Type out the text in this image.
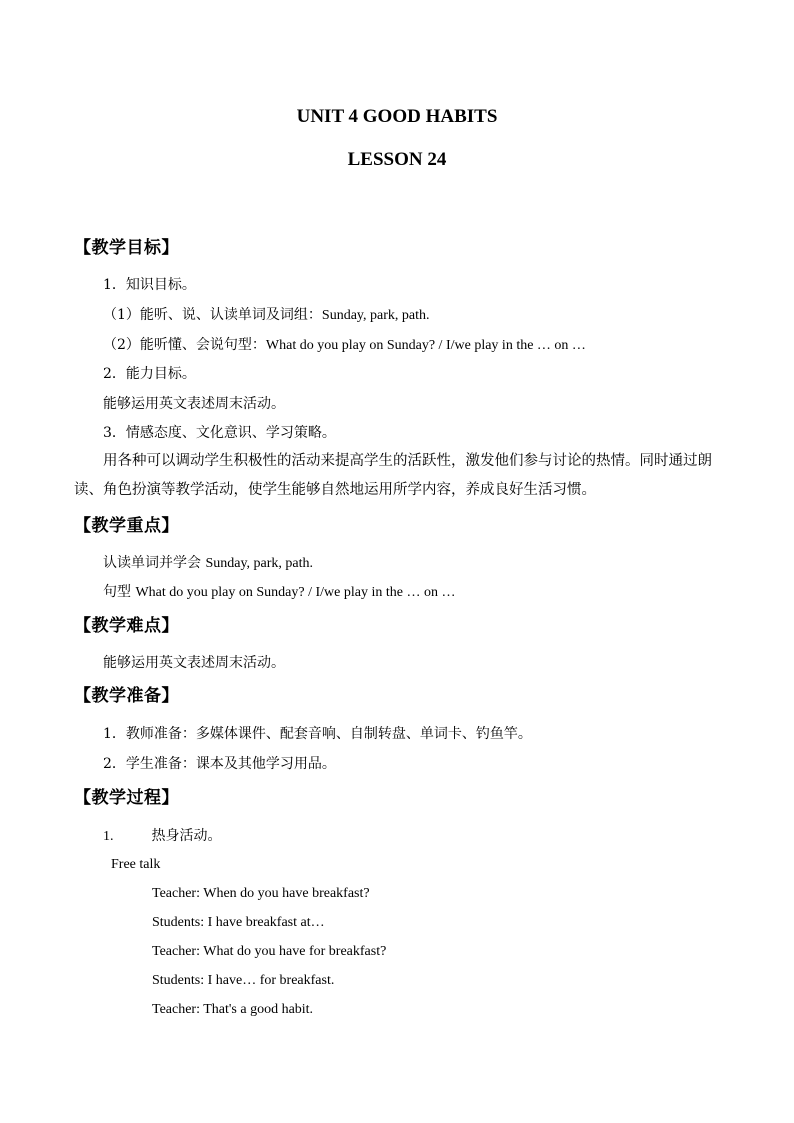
UNIT 4 GOOD HABITS
LESSON 24
【教学目标】
1．知识目标。
（1）能听、说、认读单词及词组：Sunday, park, path.
（2）能听懂、会说句型：What do you play on Sunday? / I/we play in the … on …
2．能力目标。
能够运用英文表述周末活动。
3．情感态度、文化意识、学习策略。
用各种可以调动学生积极性的活动来提高学生的活跃性，激发他们参与讨论的热情。同时通过朗读、角色扮演等教学活动，使学生能够自然地运用所学内容，养成良好生活习惯。
【教学重点】
认读单词并学会 Sunday, park, path.
句型 What do you play on Sunday? / I/we play in the … on …
【教学难点】
能够运用英文表述周末活动。
【教学准备】
1．教师准备：多媒体课件、配套音响、自制转盘、单词卡、钓鱼竿。
2．学生准备：课本及其他学习用品。
【教学过程】
1.	热身活动。
Free talk
Teacher: When do you have breakfast?
Students: I have breakfast at…
Teacher: What do you have for breakfast?
Students: I have… for breakfast.
Teacher: That's a good habit.
